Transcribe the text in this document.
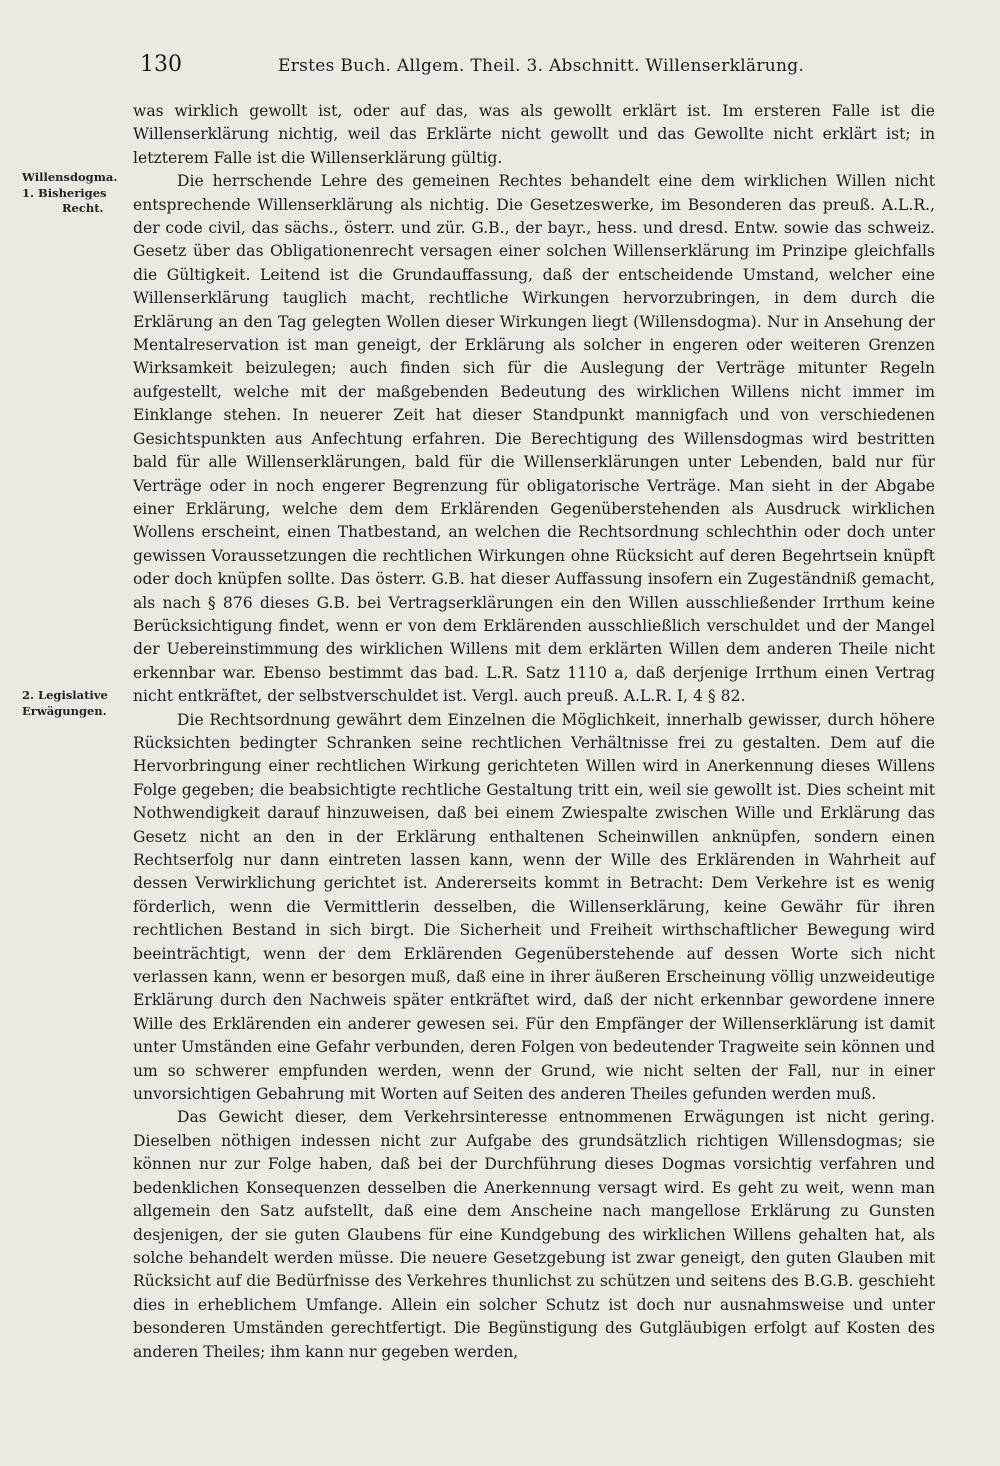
130	Erstes Buch. Allgem. Theil. 3. Abschnitt. Willenserklärung.
Willensdogma.
1. Bisheriges
Recht.
2. Legislative
Erwägungen.

was wirklich gewollt ist, oder auf das, was als gewollt erklärt ist. Im ersteren Falle ist die Willenserklärung nichtig, weil das Erklärte nicht gewollt und das Gewollte nicht erklärt ist; in letzterem Falle ist die Willenserklärung gültig.

Die herrschende Lehre des gemeinen Rechtes behandelt eine dem wirklichen Willen nicht entsprechende Willenserklärung als nichtig. Die Gesetzeswerke, im Besonderen das preuß. A.L.R., der code civil, das sächs., österr. und zür. G.B., der bayr., hess. und dresd. Entw. sowie das schweiz. Gesetz über das Obligationenrecht versagen einer solchen Willenserklärung im Prinzipe gleichfalls die Gültigkeit. Leitend ist die Grundauffassung, daß der entscheidende Umstand, welcher eine Willenserklärung tauglich macht, rechtliche Wirkungen hervorzubringen, in dem durch die Erklärung an den Tag gelegten Wollen dieser Wirkungen liegt (Willensdogma). Nur in Ansehung der Mentalreservation ist man geneigt, der Erklärung als solcher in engeren oder weiteren Grenzen Wirksamkeit beizulegen; auch finden sich für die Auslegung der Verträge mitunter Regeln aufgestellt, welche mit der maßgebenden Bedeutung des wirklichen Willens nicht immer im Einklange stehen. In neuerer Zeit hat dieser Standpunkt mannigfach und von verschiedenen Gesichtspunkten aus Anfechtung erfahren. Die Berechtigung des Willensdogmas wird bestritten bald für alle Willenserklärungen, bald für die Willenserklärungen unter Lebenden, bald nur für Verträge oder in noch engerer Begrenzung für obligatorische Verträge. Man sieht in der Abgabe einer Erklärung, welche dem dem Erklärenden Gegenüberstehenden als Ausdruck wirklichen Wollens erscheint, einen Thatbestand, an welchen die Rechtsordnung schlechthin oder doch unter gewissen Voraussetzungen die rechtlichen Wirkungen ohne Rücksicht auf deren Begehrtsein knüpft oder doch knüpfen sollte. Das österr. G.B. hat dieser Auffassung insofern ein Zugeständniß gemacht, als nach § 876 dieses G.B. bei Vertragserklärungen ein den Willen ausschließender Irrthum keine Berücksichtigung findet, wenn er von dem Erklärenden ausschließlich verschuldet und der Mangel der Uebereinstimmung des wirklichen Willens mit dem erklärten Willen dem anderen Theile nicht erkennbar war. Ebenso bestimmt das bad. L.R. Satz 1110 a, daß derjenige Irrthum einen Vertrag nicht entkräftet, der selbstverschuldet ist. Vergl. auch preuß. A.L.R. I, 4 § 82.

Die Rechtsordnung gewährt dem Einzelnen die Möglichkeit, innerhalb gewisser, durch höhere Rücksichten bedingter Schranken seine rechtlichen Verhältnisse frei zu gestalten. Dem auf die Hervorbringung einer rechtlichen Wirkung gerichteten Willen wird in Anerkennung dieses Willens Folge gegeben; die beabsichtigte rechtliche Gestaltung tritt ein, weil sie gewollt ist. Dies scheint mit Nothwendigkeit darauf hinzuweisen, daß bei einem Zwiespalte zwischen Wille und Erklärung das Gesetz nicht an den in der Erklärung enthaltenen Scheinwillen anknüpfen, sondern einen Rechtserfolg nur dann eintreten lassen kann, wenn der Wille des Erklärenden in Wahrheit auf dessen Verwirklichung gerichtet ist. Andererseits kommt in Betracht: Dem Verkehre ist es wenig förderlich, wenn die Vermittlerin desselben, die Willenserklärung, keine Gewähr für ihren rechtlichen Bestand in sich birgt. Die Sicherheit und Freiheit wirthschaftlicher Bewegung wird beeinträchtigt, wenn der dem Erklärenden Gegenüberstehende auf dessen Worte sich nicht verlassen kann, wenn er besorgen muß, daß eine in ihrer äußeren Erscheinung völlig unzweideutige Erklärung durch den Nachweis später entkräftet wird, daß der nicht erkennbar gewordene innere Wille des Erklärenden ein anderer gewesen sei. Für den Empfänger der Willenserklärung ist damit unter Umständen eine Gefahr verbunden, deren Folgen von bedeutender Tragweite sein können und um so schwerer empfunden werden, wenn der Grund, wie nicht selten der Fall, nur in einer unvorsichtigen Gebahrung mit Worten auf Seiten des anderen Theiles gefunden werden muß.

Das Gewicht dieser, dem Verkehrsinteresse entnommenen Erwägungen ist nicht gering. Dieselben nöthigen indessen nicht zur Aufgabe des grundsätzlich richtigen Willensdogmas; sie können nur zur Folge haben, daß bei der Durchführung dieses Dogmas vorsichtig verfahren und bedenklichen Konsequenzen desselben die Anerkennung versagt wird. Es geht zu weit, wenn man allgemein den Satz aufstellt, daß eine dem Anscheine nach mangellose Erklärung zu Gunsten desjenigen, der sie guten Glaubens für eine Kundgebung des wirklichen Willens gehalten hat, als solche behandelt werden müsse. Die neuere Gesetzgebung ist zwar geneigt, den guten Glauben mit Rücksicht auf die Bedürfnisse des Verkehres thunlichst zu schützen und seitens des B.G.B. geschieht dies in erheblichem Umfange. Allein ein solcher Schutz ist doch nur ausnahmsweise und unter besonderen Umständen gerechtfertigt. Die Begünstigung des Gutgläubigen erfolgt auf Kosten des anderen Theiles; ihm kann nur gegeben werden,
